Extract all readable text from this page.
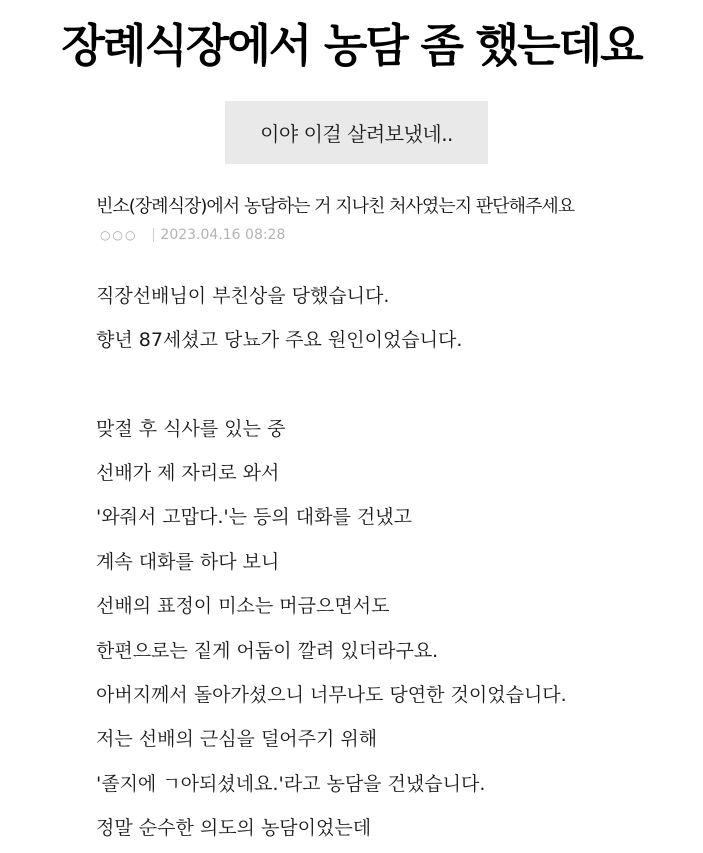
장례식장에서 농담 좀 했는데요
이야 이걸 살려보냈네..

빈소(장례식장)에서 농담하는 거 지나친 처사였는지 판단해주세요

○○○ 2023.04.16 08:28

직장선배님이 부친상을 당했습니다.

향년 87세셨고 당뇨가 주요 원인이었습니다.

맞절 후 식사를 있는 중

선배가 제 자리로 와서

'와줘서 고맙다.'는 등의 대화를 건냈고

계속 대화를 하다 보니

선배의 표정이 미소는 머금으면서도

한편으로는 짙게 어둠이 깔려 있더라구요.

아버지께서 돌아가셨으니 너무나도 당연한 것이었습니다.

저는 선배의 근심을 덜어주기 위해

'졸지에 ㄱ아되셨네요.'라고 농담을 건냈습니다.

정말 순수한 의도의 농담이었는데
